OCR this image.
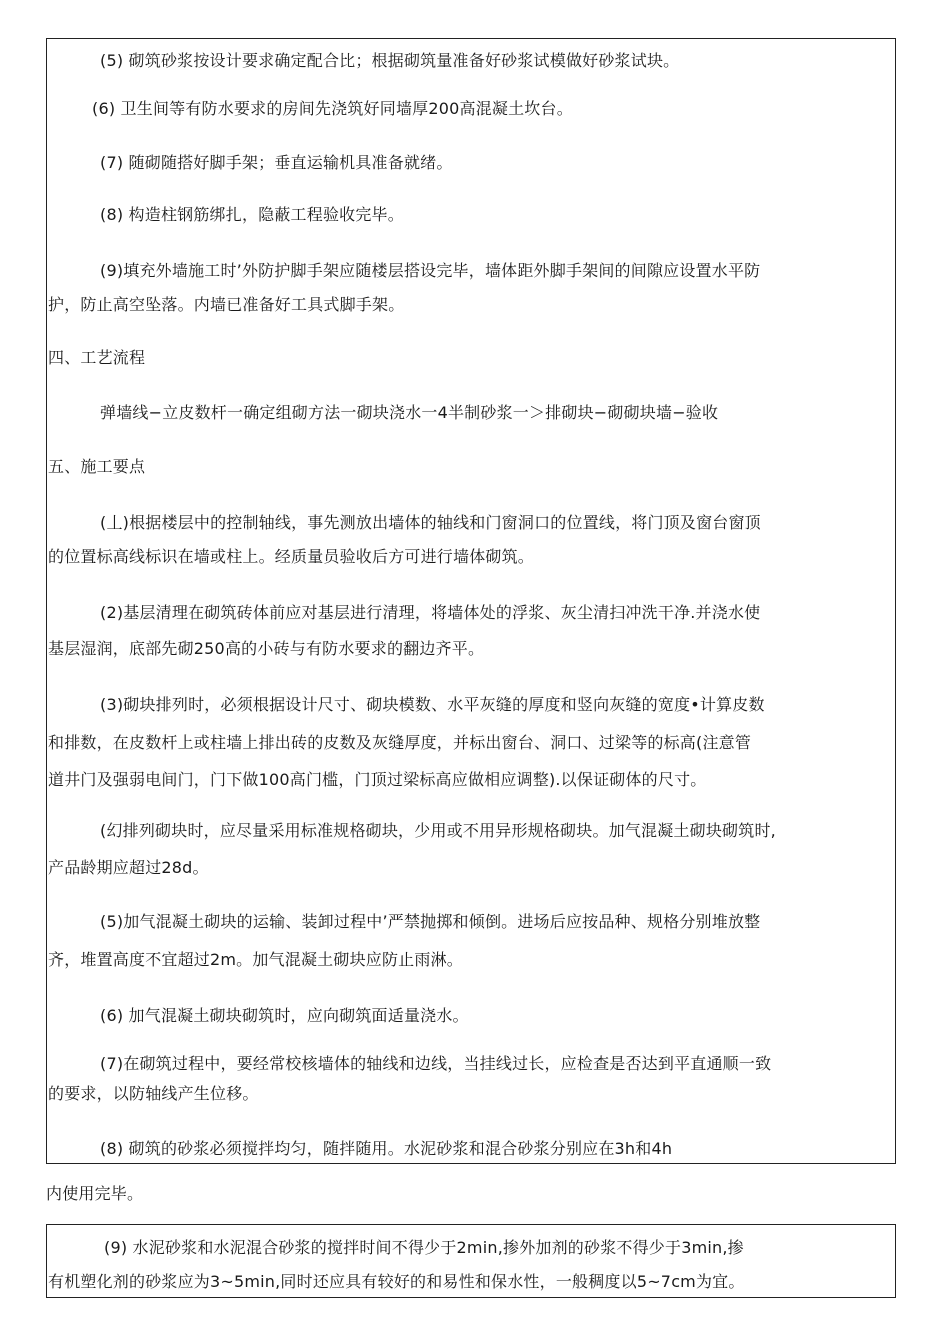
(5) 砌筑砂浆按设计要求确定配合比；根据砌筑量准备好砂浆试模做好砂浆试块。
(6) 卫生间等有防水要求的房间先浇筑好同墙厚200高混凝土坎台。
(7) 随砌随搭好脚手架；垂直运输机具准备就绪。
(8) 构造柱钢筋绑扎，隐蔽工程验收完毕。
(9)填充外墙施工时’外防护脚手架应随楼层搭设完毕，墙体距外脚手架间的间隙应设置水平防
护，防止高空坠落。内墙已准备好工具式脚手架。
四、工艺流程
弹墙线−立皮数杆一确定组砌方法一砌块浇水一4半制砂浆一＞排砌块−砌砌块墙−验收
五、施工要点
(丄)根据楼层中的控制轴线，事先测放出墙体的轴线和门窗洞口的位置线，将门顶及窗台窗顶
的位置标高线标识在墙或柱上。经质量员验收后方可进行墙体砌筑。
(2)基层清理在砌筑砖体前应对基层进行清理，将墙体处的浮浆、灰尘清扫冲洗干净.并浇水使
基层湿润，底部先砌250高的小砖与有防水要求的翻边齐平。
(3)砌块排列时，必须根据设计尺寸、砌块模数、水平灰缝的厚度和竖向灰缝的宽度•计算皮数
和排数，在皮数杆上或柱墙上排出砖的皮数及灰缝厚度，并标出窗台、洞口、过梁等的标高(注意管
道井门及强弱电间门，门下做100高门槛，门顶过梁标高应做相应调整).以保证砌体的尺寸。
(幻排列砌块时，应尽量采用标准规格砌块，少用或不用异形规格砌块。加气混凝土砌块砌筑时,
产品龄期应超过28d。
(5)加气混凝土砌块的运输、装卸过程中’严禁抛掷和倾倒。进场后应按品种、规格分别堆放整
齐，堆置高度不宜超过2m。加气混凝土砌块应防止雨淋。
(6) 加气混凝土砌块砌筑时，应向砌筑面适量浇水。
(7)在砌筑过程中，要经常校核墙体的轴线和边线，当挂线过长，应检查是否达到平直通顺一致
的要求，以防轴线产生位移。
(8) 砌筑的砂浆必须搅拌均匀，随拌随用。水泥砂浆和混合砂浆分别应在3h和4h
内使用完毕。
(9) 水泥砂浆和水泥混合砂浆的搅拌时间不得少于2min,掺外加剂的砂浆不得少于3min,掺
有机塑化剂的砂浆应为3~5min,同时还应具有较好的和易性和保水性，一般稠度以5~7cm为宜。
